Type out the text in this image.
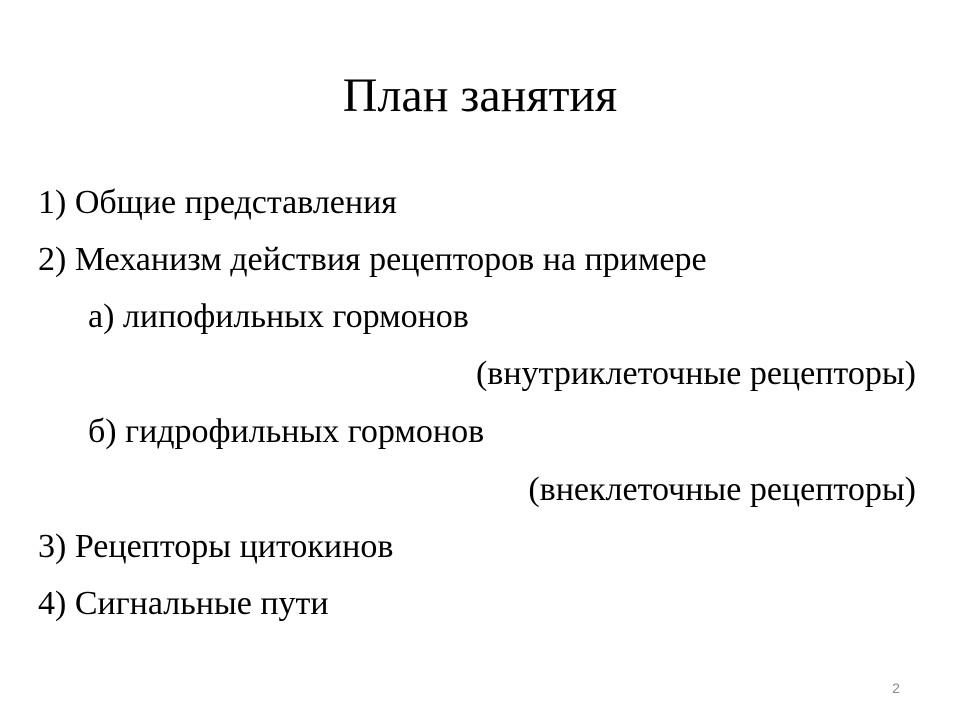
План занятия
1) Общие представления
2) Механизм действия рецепторов на примере
а) липофильных гормонов
(внутриклеточные рецепторы)
б) гидрофильных гормонов
(внеклеточные рецепторы)
3) Рецепторы цитокинов
4) Сигнальные пути
2
